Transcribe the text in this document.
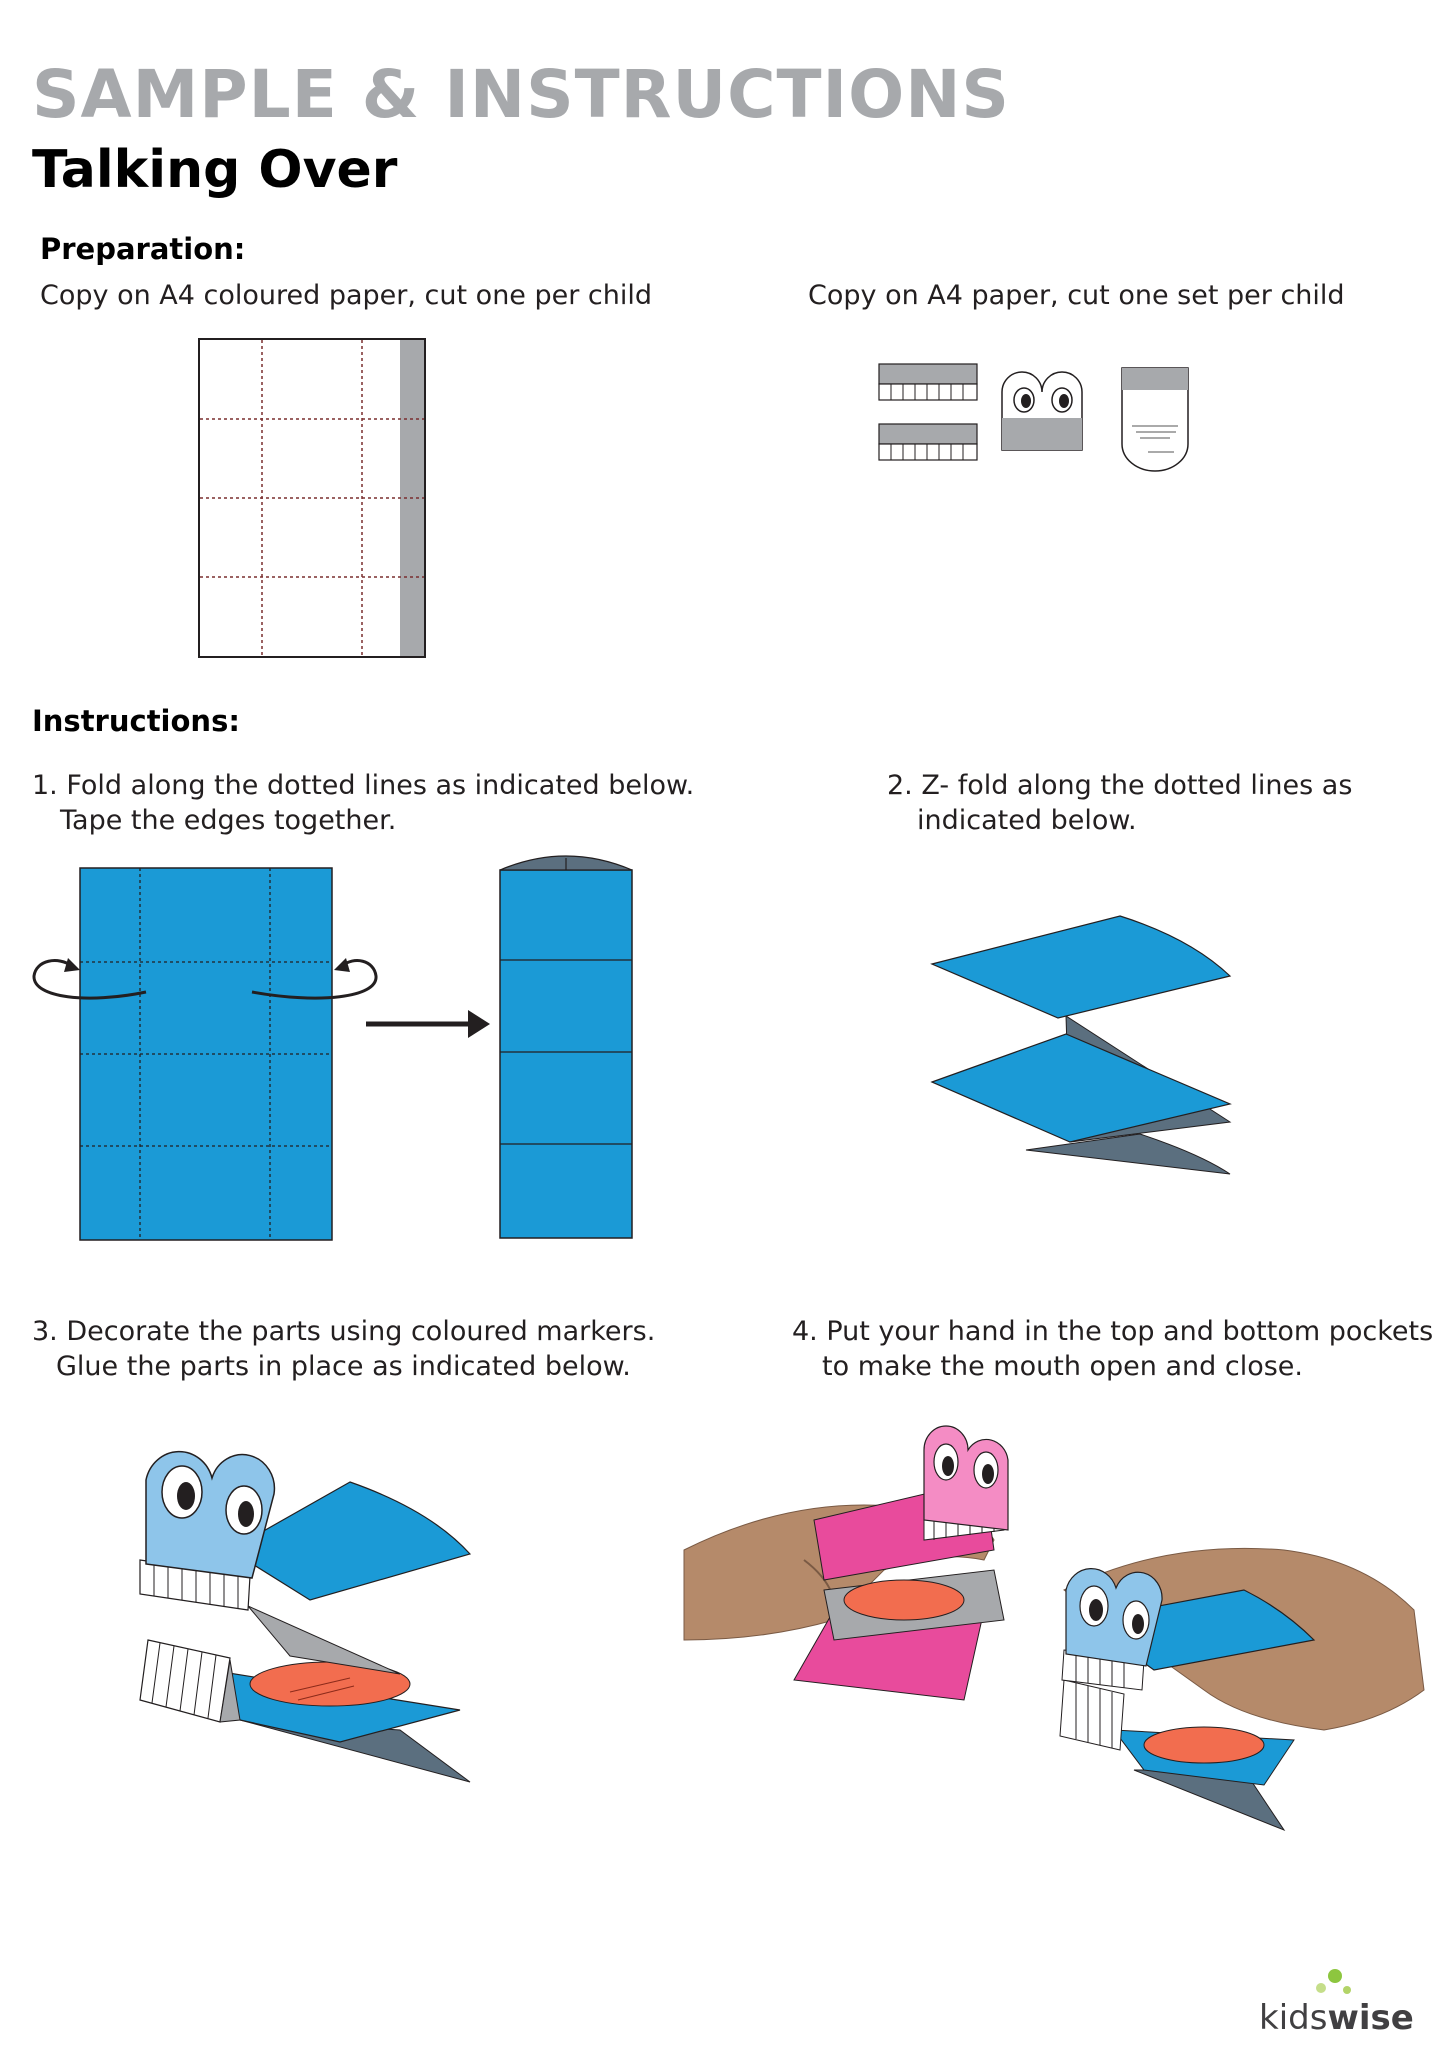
SAMPLE & INSTRUCTIONS
Talking Over
Preparation:
Copy on A4 coloured paper, cut one per child	Copy on A4 paper, cut one set per child
Instructions:
1. Fold along the dotted lines as indicated below.
Tape the edges together.
2. Z- fold along the dotted lines as
indicated below.
3. Decorate the parts using coloured markers.
Glue the parts in place as indicated below.
4. Put your hand in the top and bottom pockets
to make the mouth open and close.
kidswise
